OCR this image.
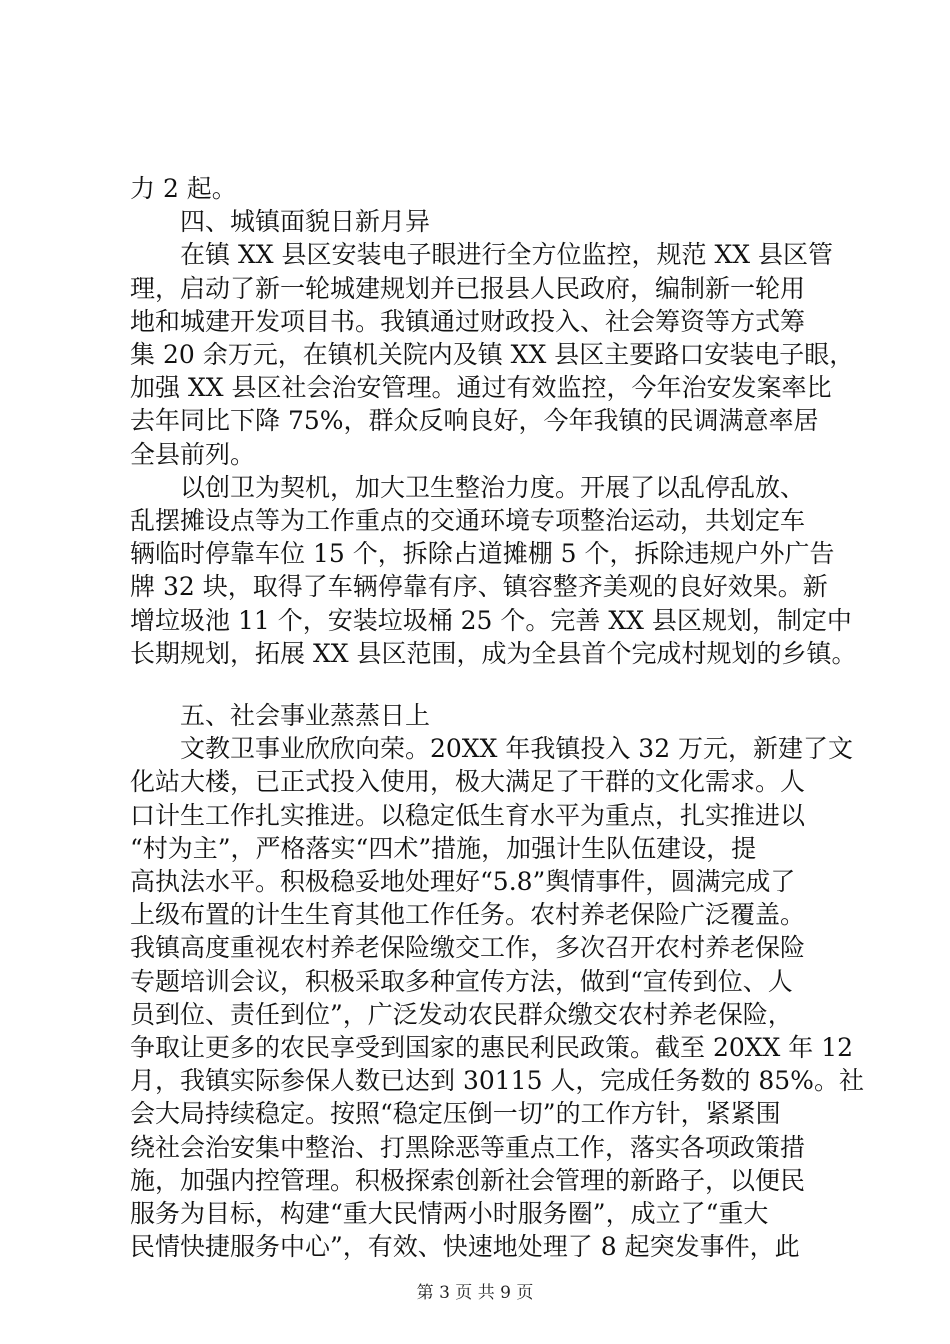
力 2 起。
四、城镇面貌日新月异
在镇 XX 县区安装电子眼进行全方位监控，规范 XX 县区管
理，启动了新一轮城建规划并已报县人民政府，编制新一轮用
地和城建开发项目书。我镇通过财政投入、社会筹资等方式筹
集 20 余万元，在镇机关院内及镇 XX 县区主要路口安装电子眼，
加强 XX 县区社会治安管理。通过有效监控，今年治安发案率比
去年同比下降 75%，群众反响良好，今年我镇的民调满意率居
全县前列。
以创卫为契机，加大卫生整治力度。开展了以乱停乱放、
乱摆摊设点等为工作重点的交通环境专项整治运动，共划定车
辆临时停靠车位 15 个，拆除占道摊棚 5 个，拆除违规户外广告
牌 32 块，取得了车辆停靠有序、镇容整齐美观的良好效果。新
增垃圾池 11 个，安装垃圾桶 25 个。完善 XX 县区规划，制定中
长期规划，拓展 XX 县区范围，成为全县首个完成村规划的乡镇。
五、社会事业蒸蒸日上
文教卫事业欣欣向荣。20XX 年我镇投入 32 万元，新建了文
化站大楼，已正式投入使用，极大满足了干群的文化需求。人
口计生工作扎实推进。以稳定低生育水平为重点，扎实推进以
“村为主”，严格落实“四术”措施，加强计生队伍建设，提
高执法水平。积极稳妥地处理好“5.8”舆情事件，圆满完成了
上级布置的计生生育其他工作任务。农村养老保险广泛覆盖。
我镇高度重视农村养老保险缴交工作，多次召开农村养老保险
专题培训会议，积极采取多种宣传方法，做到“宣传到位、人
员到位、责任到位”，广泛发动农民群众缴交农村养老保险，
争取让更多的农民享受到国家的惠民利民政策。截至 20XX 年 12
月，我镇实际参保人数已达到 30115 人，完成任务数的 85%。社
会大局持续稳定。按照“稳定压倒一切”的工作方针，紧紧围
绕社会治安集中整治、打黑除恶等重点工作，落实各项政策措
施，加强内控管理。积极探索创新社会管理的新路子，以便民
服务为目标，构建“重大民情两小时服务圈”，成立了“重大
民情快捷服务中心”，有效、快速地处理了 8 起突发事件，此
第 3 页 共 9 页
